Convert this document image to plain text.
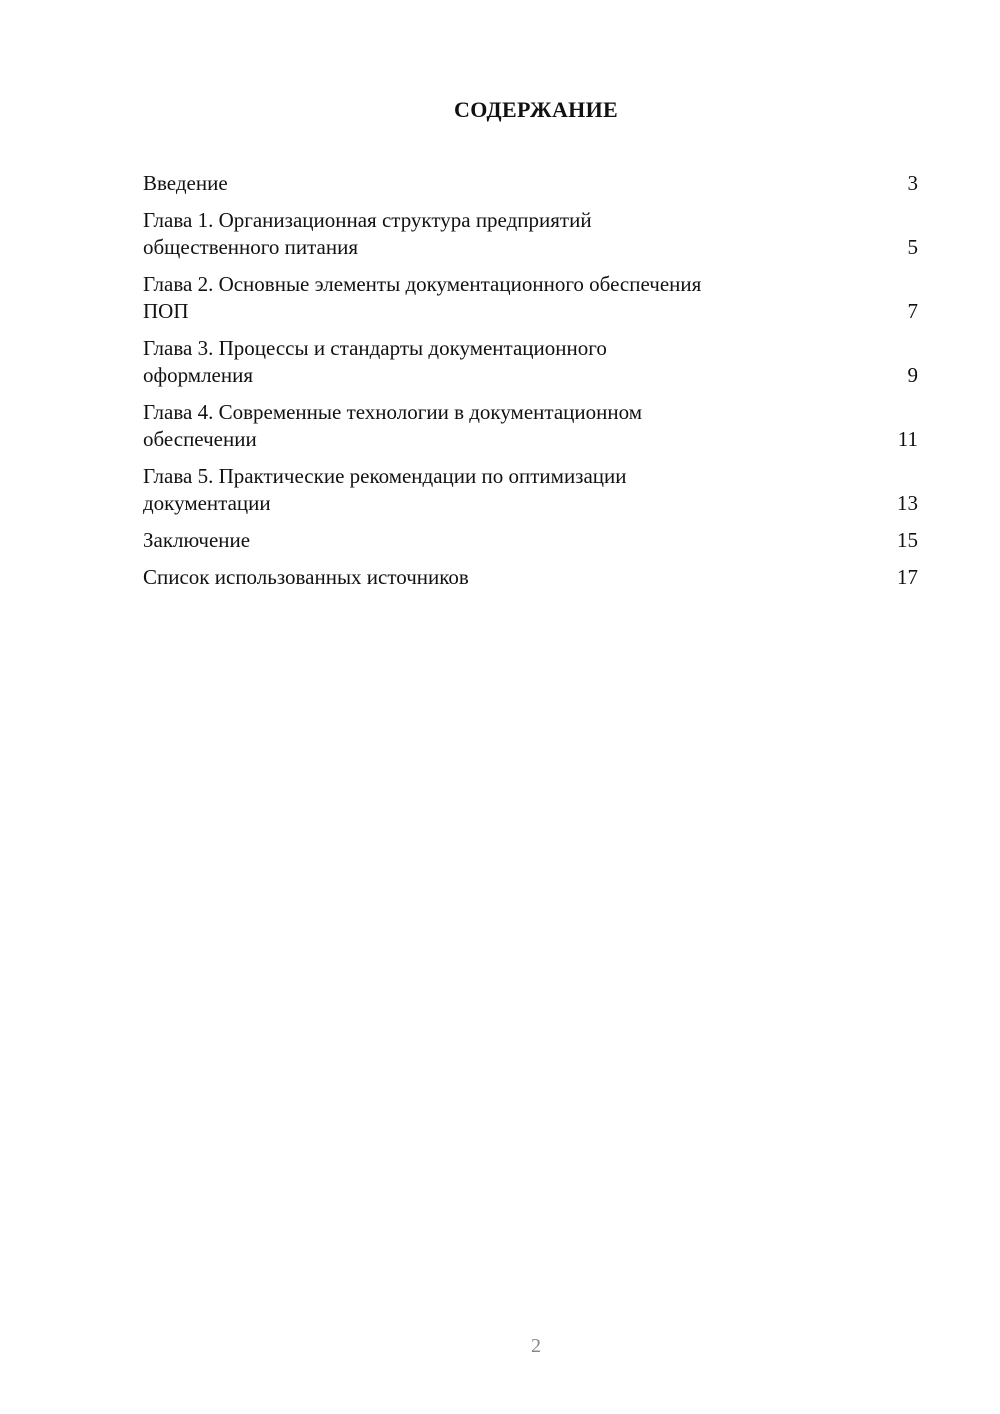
СОДЕРЖАНИЕ
Введение	3
Глава 1. Организационная структура предприятий
общественного питания	5
Глава 2. Основные элементы документационного обеспечения
ПОП	7
Глава 3. Процессы и стандарты документационного
оформления	9
Глава 4. Современные технологии в документационном
обеспечении	11
Глава 5. Практические рекомендации по оптимизации
документации	13
Заключение	15
Список использованных источников	17
2
